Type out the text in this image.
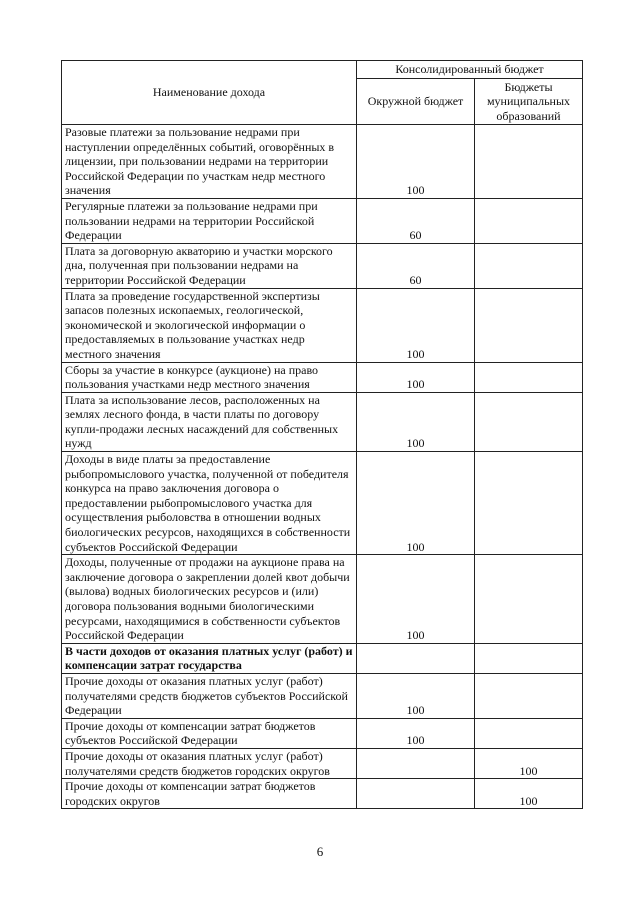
Наименование дохода	Консолидированный бюджет	
	Окружной бюджет	Бюджеты муниципальных образований
Разовые платежи за пользование недрами при наступлении определённых событий, оговорённых в лицензии, при пользовании недрами на территории Российской Федерации по участкам недр местного значения	100	
Регулярные платежи за пользование недрами при пользовании недрами на территории Российской Федерации	60	
Плата за договорную акваторию и участки морского дна, полученная при пользовании недрами на территории Российской Федерации	60	
Плата за проведение государственной экспертизы запасов полезных ископаемых, геологической, экономической и экологической информации о предоставляемых в пользование участках недр местного значения	100	
Сборы за участие в конкурсе (аукционе) на право пользования участками недр местного значения	100	
Плата за использование лесов, расположенных на землях лесного фонда, в части платы по договору купли-продажи лесных насаждений для собственных нужд	100	
Доходы в виде платы за предоставление рыбопромыслового участка, полученной от победителя конкурса на право заключения договора о предоставлении рыбопромыслового участка для осуществления рыболовства в отношении водных биологических ресурсов, находящихся в собственности субъектов Российской Федерации	100	
Доходы, полученные от продажи на аукционе права на заключение договора о закреплении долей квот добычи (вылова) водных биологических ресурсов и (или) договора пользования водными биологическими ресурсами, находящимися в собственности субъектов Российской Федерации	100	
В части доходов от оказания платных услуг (работ) и компенсации затрат государства		
Прочие доходы от оказания платных услуг (работ) получателями средств бюджетов субъектов Российской Федерации	100	
Прочие доходы от компенсации затрат бюджетов субъектов Российской Федерации	100	
Прочие доходы от оказания платных услуг (работ) получателями средств бюджетов городских округов		100
Прочие доходы от компенсации затрат бюджетов городских округов		100
6
